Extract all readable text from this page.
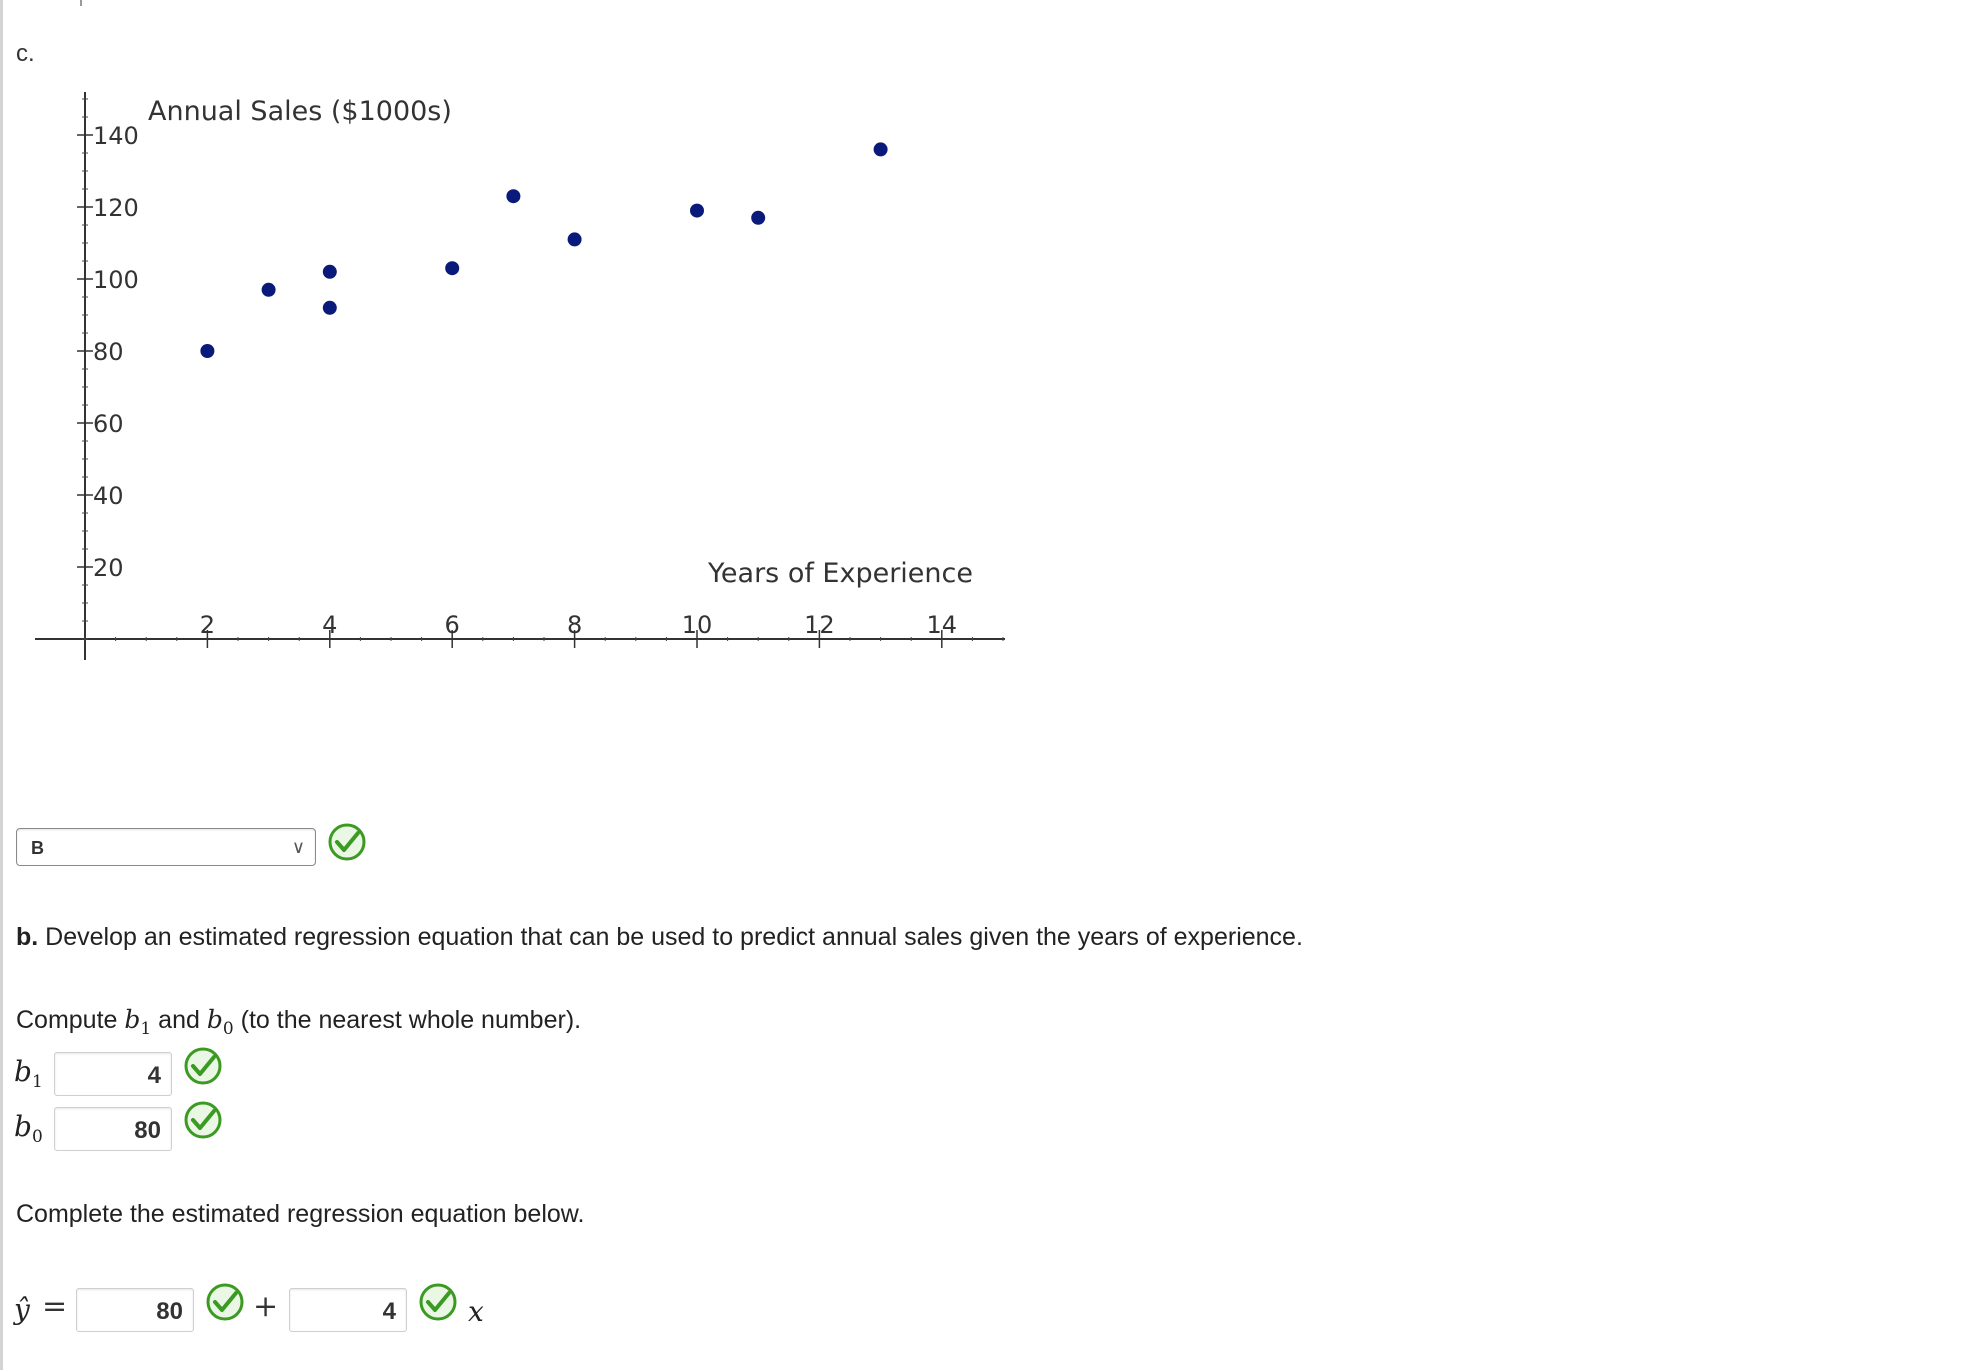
c.
2	4	6	8	10	12	14
20
40
60
80
100
120
140
Annual Sales ($1000s)
Years of Experience
B	∨
b. Develop an estimated regression equation that can be used to predict annual sales given the years of experience.
Compute $b_1$ and $b_0$ (to the nearest whole number).
$b_1$	4
$b_0$	80
Complete the estimated regression equation below.
ŷ =	80	+	4	x
